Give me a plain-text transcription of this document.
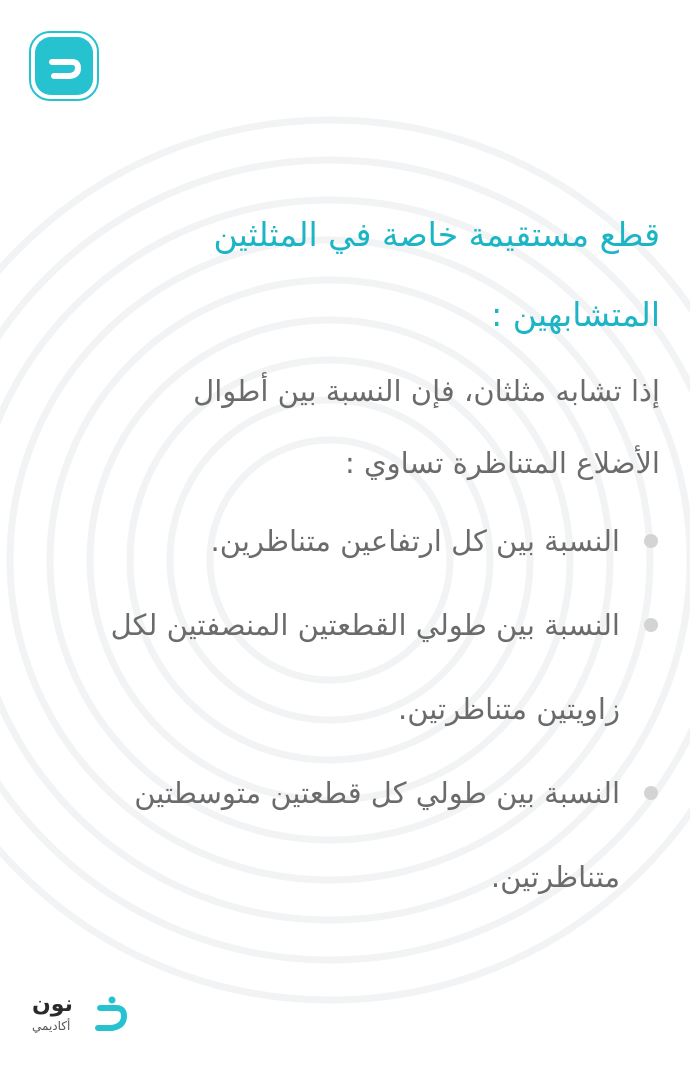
قطع مستقيمة خاصة في المثلثين
المتشابهين :
إذا تشابه مثلثان، فإن النسبة بين أطوال
الأضلاع المتناظرة تساوي :
النسبة بين كل ارتفاعين متناظرين.
النسبة بين طولي القطعتين المنصفتين لكل زاويتين متناظرتين.
النسبة بين طولي كل قطعتين متوسطتين متناظرتين.
نون
أكاديمي
